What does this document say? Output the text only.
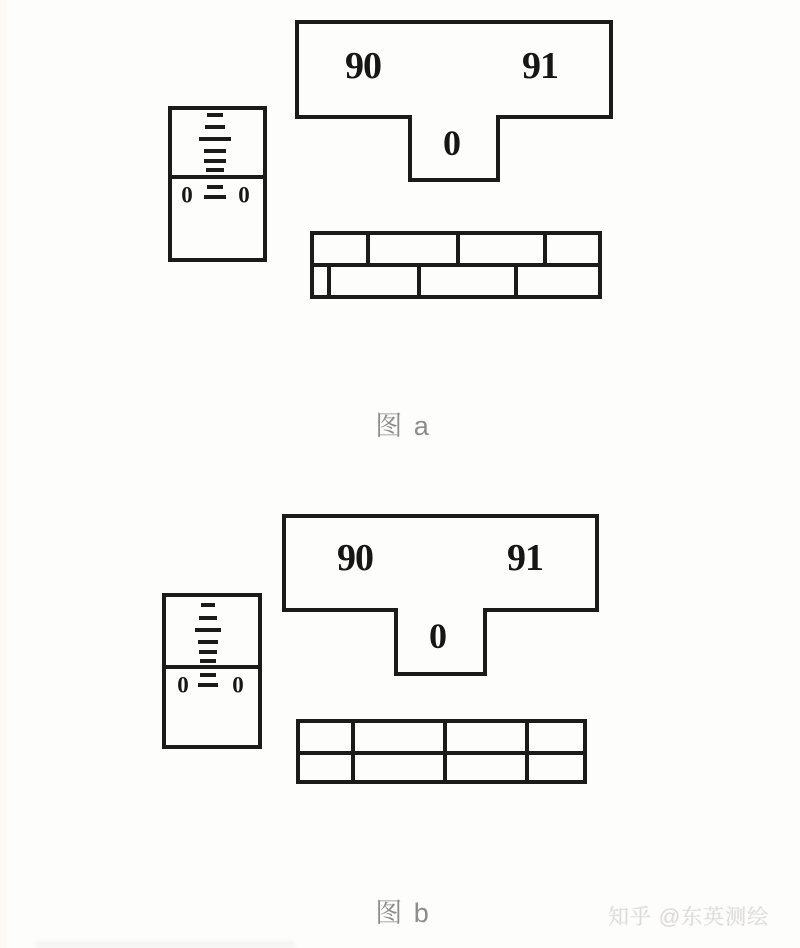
90	91
0
0 0
图 a
90	91
0
0 0
图 b	知乎 @东英测绘
